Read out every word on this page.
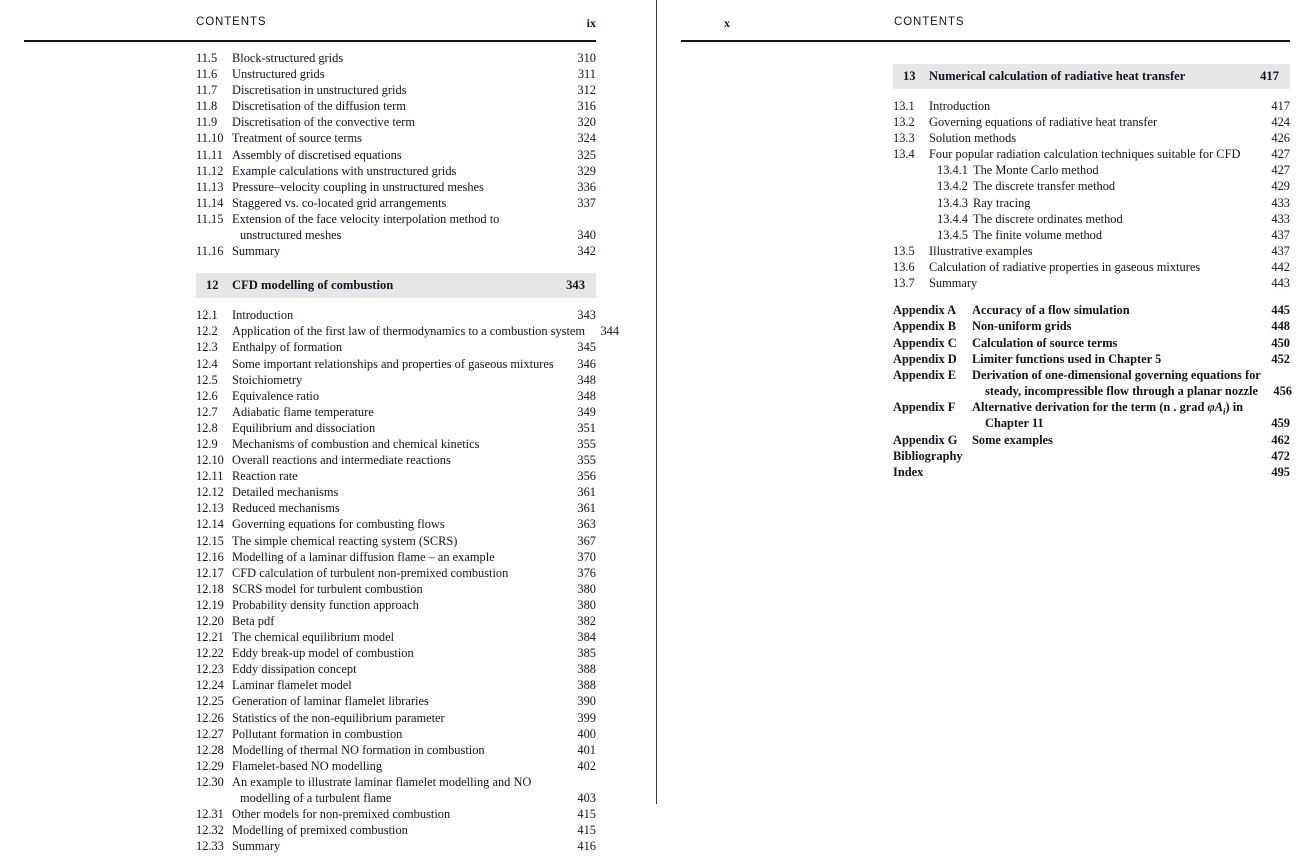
CONTENTS	ix
11.5	Block-structured grids	310
11.6	Unstructured grids	311
11.7	Discretisation in unstructured grids	312
11.8	Discretisation of the diffusion term	316
11.9	Discretisation of the convective term	320
11.10 Treatment of source terms	324
11.11 Assembly of discretised equations	325
11.12 Example calculations with unstructured grids	329
11.13 Pressure–velocity coupling in unstructured meshes	336
11.14 Staggered vs. co-located grid arrangements	337
11.15 Extension of the face velocity interpolation method to
unstructured meshes	340
11.16 Summary	342
12	CFD modelling of combustion	343
12.1	Introduction	343
12.2	Application of the first law of thermodynamics to a combustion system	344
12.3	Enthalpy of formation	345
12.4	Some important relationships and properties of gaseous mixtures	346
12.5	Stoichiometry	348
12.6	Equivalence ratio	348
12.7	Adiabatic flame temperature	349
12.8	Equilibrium and dissociation	351
12.9	Mechanisms of combustion and chemical kinetics	355
12.10 Overall reactions and intermediate reactions	355
12.11 Reaction rate	356
12.12 Detailed mechanisms	361
12.13 Reduced mechanisms	361
12.14 Governing equations for combusting flows	363
12.15 The simple chemical reacting system (SCRS)	367
12.16 Modelling of a laminar diffusion flame – an example	370
12.17 CFD calculation of turbulent non-premixed combustion	376
12.18 SCRS model for turbulent combustion	380
12.19 Probability density function approach	380
12.20 Beta pdf	382
12.21 The chemical equilibrium model	384
12.22 Eddy break-up model of combustion	385
12.23 Eddy dissipation concept	388
12.24 Laminar flamelet model	388
12.25 Generation of laminar flamelet libraries	390
12.26 Statistics of the non-equilibrium parameter	399
12.27 Pollutant formation in combustion	400
12.28 Modelling of thermal NO formation in combustion	401
12.29 Flamelet-based NO modelling	402
12.30 An example to illustrate laminar flamelet modelling and NO
modelling of a turbulent flame	403
12.31 Other models for non-premixed combustion	415
12.32 Modelling of premixed combustion	415
12.33 Summary	416
x	CONTENTS
13	Numerical calculation of radiative heat transfer	417
13.1	Introduction	417
13.2	Governing equations of radiative heat transfer	424
13.3	Solution methods	426
13.4	Four popular radiation calculation techniques suitable for CFD	427
13.4.1 The Monte Carlo method	427
13.4.2 The discrete transfer method	429
13.4.3 Ray tracing	433
13.4.4 The discrete ordinates method	433
13.4.5 The finite volume method	437
13.5	Illustrative examples	437
13.6	Calculation of radiative properties in gaseous mixtures	442
13.7	Summary	443
Appendix A	Accuracy of a flow simulation	445
Appendix B	Non-uniform grids	448
Appendix C	Calculation of source terms	450
Appendix D	Limiter functions used in Chapter 5	452
Appendix E	Derivation of one-dimensional governing equations for
steady, incompressible flow through a planar nozzle	456
Appendix F	Alternative derivation for the term (n . grad $\varphi A_i$) in
Chapter 11	459
Appendix G	Some examples	462
Bibliography	472
Index	495
